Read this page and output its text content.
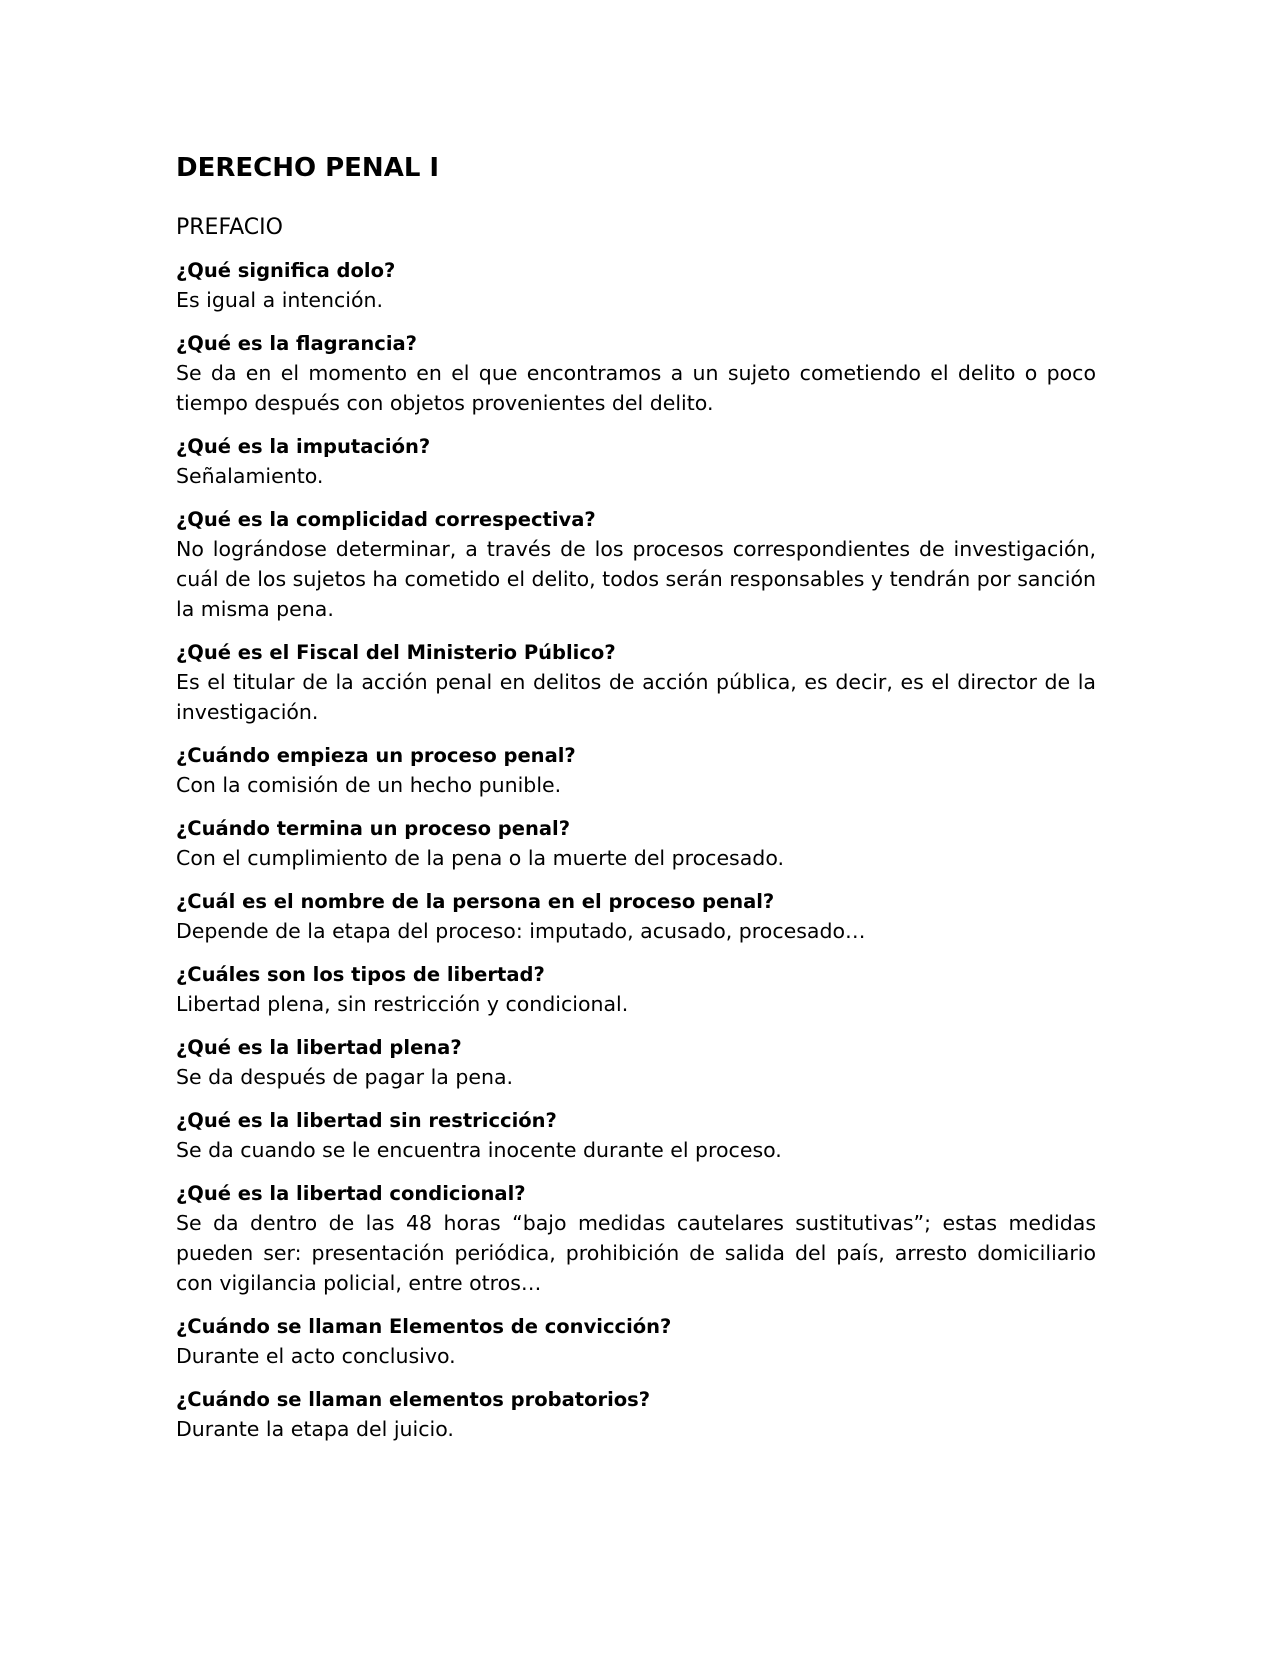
DERECHO PENAL I
PREFACIO

¿Qué significa dolo?

Es igual a intención.

¿Qué es la flagrancia?

Se da en el momento en el que encontramos a un sujeto cometiendo el delito o poco tiempo después con objetos provenientes del delito.

¿Qué es la imputación?

Señalamiento.

¿Qué es la complicidad correspectiva?

No lográndose determinar, a través de los procesos correspondientes de investigación, cuál de los sujetos ha cometido el delito, todos serán responsables y tendrán por sanción la misma pena.

¿Qué es el Fiscal del Ministerio Público?

Es el titular de la acción penal en delitos de acción pública, es decir, es el director de la investigación.

¿Cuándo empieza un proceso penal?

Con la comisión de un hecho punible.

¿Cuándo termina un proceso penal?

Con el cumplimiento de la pena o la muerte del procesado.

¿Cuál es el nombre de la persona en el proceso penal?

Depende de la etapa del proceso: imputado, acusado, procesado…

¿Cuáles son los tipos de libertad?

Libertad plena, sin restricción y condicional.

¿Qué es la libertad plena?

Se da después de pagar la pena.

¿Qué es la libertad sin restricción?

Se da cuando se le encuentra inocente durante el proceso.

¿Qué es la libertad condicional?

Se da dentro de las 48 horas “bajo medidas cautelares sustitutivas”; estas medidas pueden ser: presentación periódica, prohibición de salida del país, arresto domiciliario con vigilancia policial, entre otros…

¿Cuándo se llaman Elementos de convicción?

Durante el acto conclusivo.

¿Cuándo se llaman elementos probatorios?

Durante la etapa del juicio.
